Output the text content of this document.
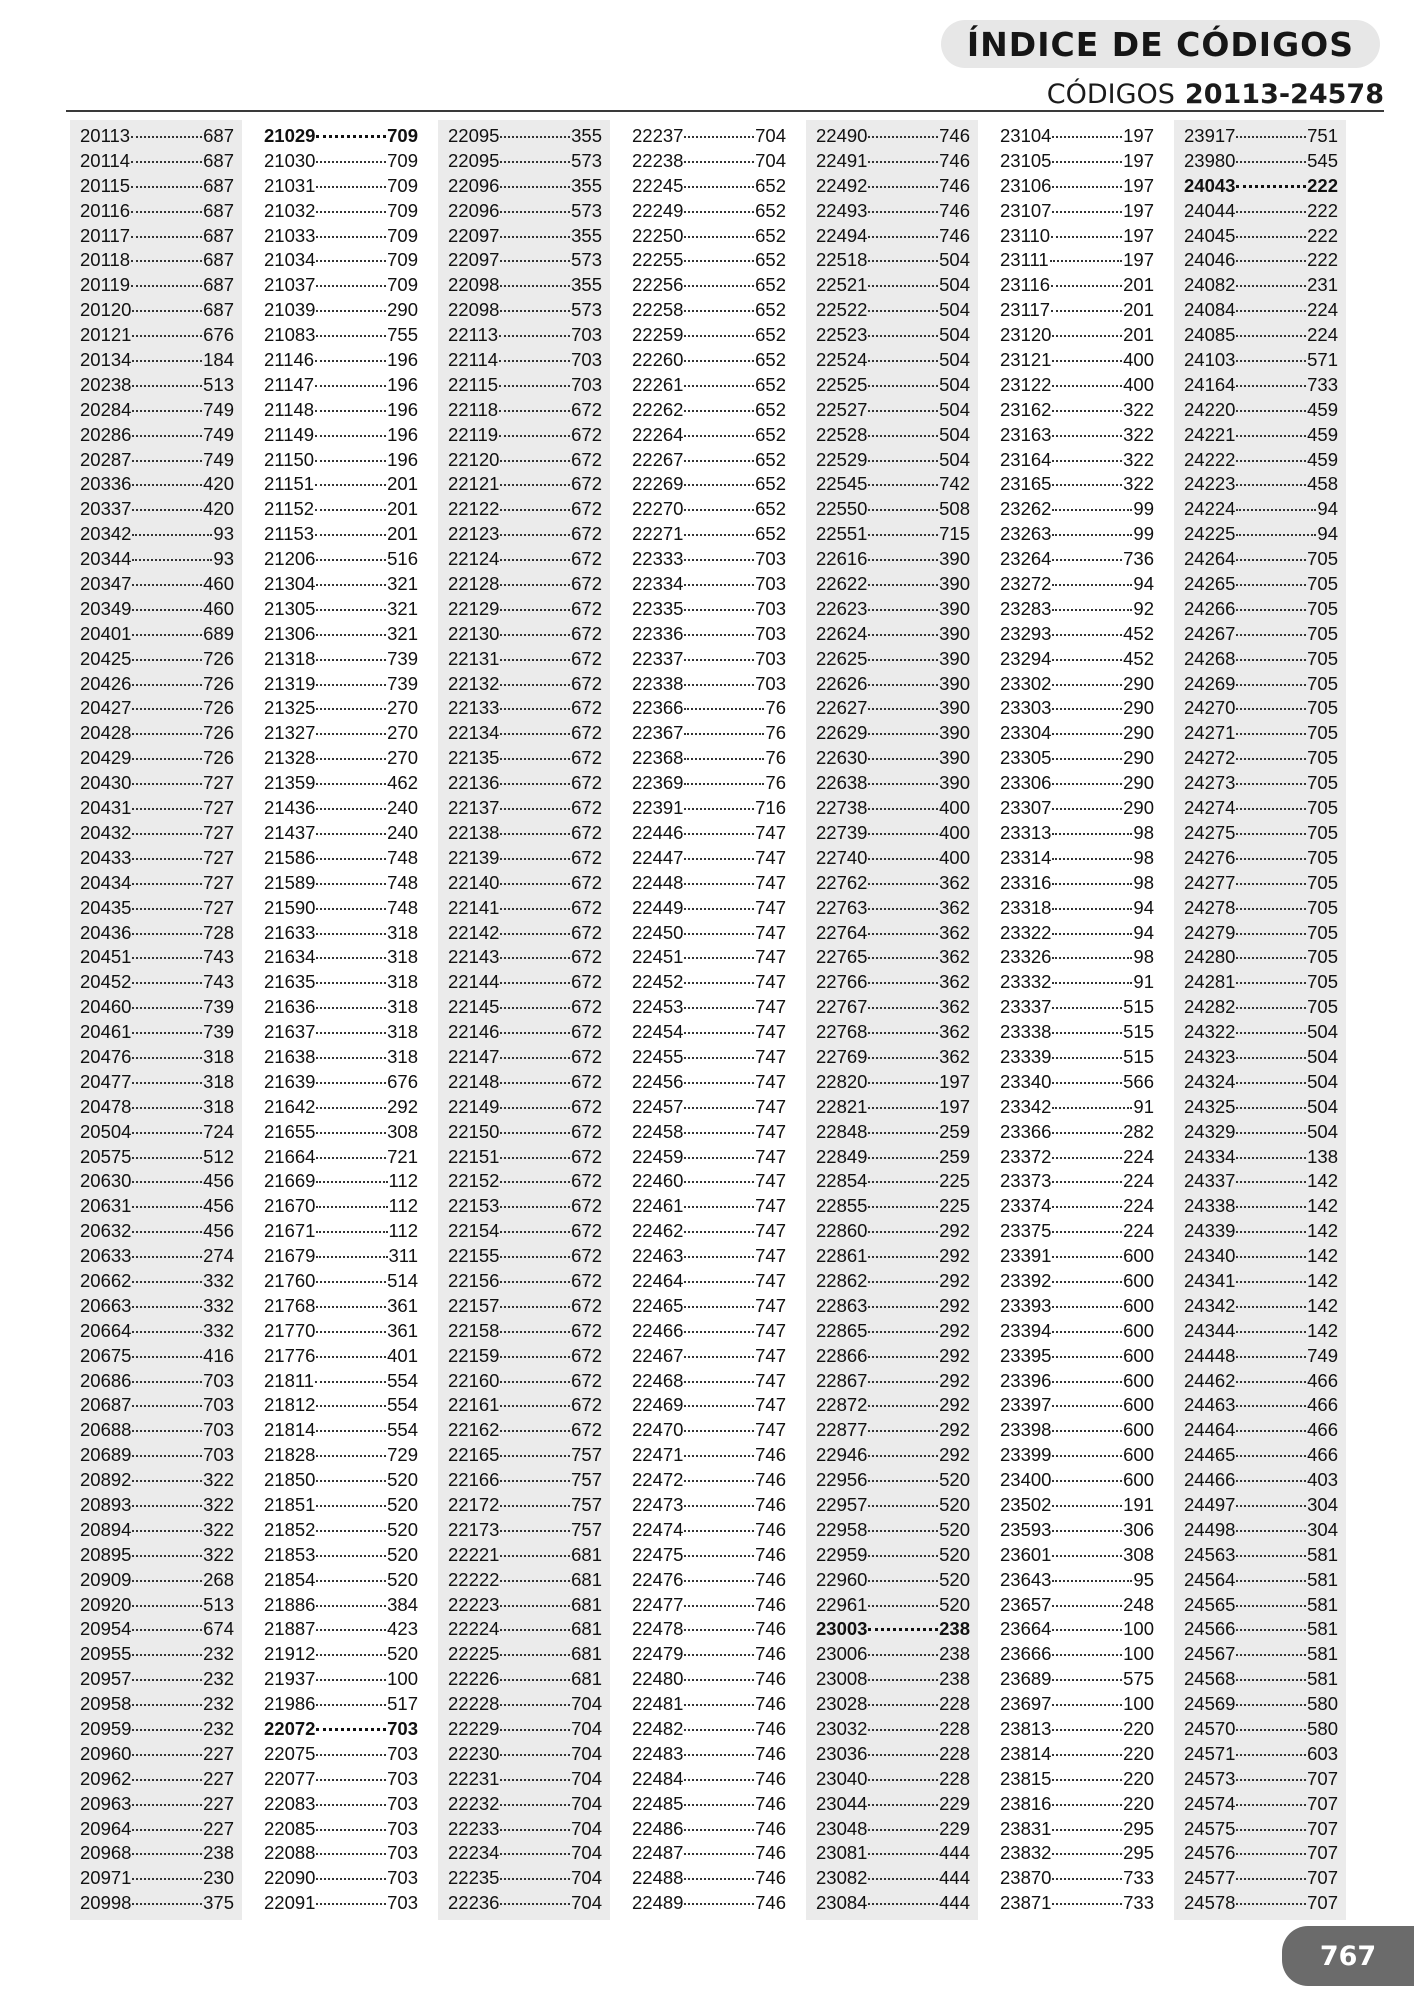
ÍNDICE DE CÓDIGOS
CÓDIGOS 20113-24578
20113	687
20114	687
20115	687
20116	687
20117	687
20118	687
20119	687
20120	687
20121	676
20134	184
20238	513
20284	749
20286	749
20287	749
20336	420
20337	420
20342	93
20344	93
20347	460
20349	460
20401	689
20425	726
20426	726
20427	726
20428	726
20429	726
20430	727
20431	727
20432	727
20433	727
20434	727
20435	727
20436	728
20451	743
20452	743
20460	739
20461	739
20476	318
20477	318
20478	318
20504	724
20575	512
20630	456
20631	456
20632	456
20633	274
20662	332
20663	332
20664	332
20675	416
20686	703
20687	703
20688	703
20689	703
20892	322
20893	322
20894	322
20895	322
20909	268
20920	513
20954	674
20955	232
20957	232
20958	232
20959	232
20960	227
20962	227
20963	227
20964	227
20968	238
20971	230
20998	375
21029	709
21030	709
21031	709
21032	709
21033	709
21034	709
21037	709
21039	290
21083	755
21146	196
21147	196
21148	196
21149	196
21150	196
21151	201
21152	201
21153	201
21206	516
21304	321
21305	321
21306	321
21318	739
21319	739
21325	270
21327	270
21328	270
21359	462
21436	240
21437	240
21586	748
21589	748
21590	748
21633	318
21634	318
21635	318
21636	318
21637	318
21638	318
21639	676
21642	292
21655	308
21664	721
21669	112
21670	112
21671	112
21679	311
21760	514
21768	361
21770	361
21776	401
21811	554
21812	554
21814	554
21828	729
21850	520
21851	520
21852	520
21853	520
21854	520
21886	384
21887	423
21912	520
21937	100
21986	517
22072	703
22075	703
22077	703
22083	703
22085	703
22088	703
22090	703
22091	703
22095	355
22095	573
22096	355
22096	573
22097	355
22097	573
22098	355
22098	573
22113	703
22114	703
22115	703
22118	672
22119	672
22120	672
22121	672
22122	672
22123	672
22124	672
22128	672
22129	672
22130	672
22131	672
22132	672
22133	672
22134	672
22135	672
22136	672
22137	672
22138	672
22139	672
22140	672
22141	672
22142	672
22143	672
22144	672
22145	672
22146	672
22147	672
22148	672
22149	672
22150	672
22151	672
22152	672
22153	672
22154	672
22155	672
22156	672
22157	672
22158	672
22159	672
22160	672
22161	672
22162	672
22165	757
22166	757
22172	757
22173	757
22221	681
22222	681
22223	681
22224	681
22225	681
22226	681
22228	704
22229	704
22230	704
22231	704
22232	704
22233	704
22234	704
22235	704
22236	704
22237	704
22238	704
22245	652
22249	652
22250	652
22255	652
22256	652
22258	652
22259	652
22260	652
22261	652
22262	652
22264	652
22267	652
22269	652
22270	652
22271	652
22333	703
22334	703
22335	703
22336	703
22337	703
22338	703
22366	76
22367	76
22368	76
22369	76
22391	716
22446	747
22447	747
22448	747
22449	747
22450	747
22451	747
22452	747
22453	747
22454	747
22455	747
22456	747
22457	747
22458	747
22459	747
22460	747
22461	747
22462	747
22463	747
22464	747
22465	747
22466	747
22467	747
22468	747
22469	747
22470	747
22471	746
22472	746
22473	746
22474	746
22475	746
22476	746
22477	746
22478	746
22479	746
22480	746
22481	746
22482	746
22483	746
22484	746
22485	746
22486	746
22487	746
22488	746
22489	746
22490	746
22491	746
22492	746
22493	746
22494	746
22518	504
22521	504
22522	504
22523	504
22524	504
22525	504
22527	504
22528	504
22529	504
22545	742
22550	508
22551	715
22616	390
22622	390
22623	390
22624	390
22625	390
22626	390
22627	390
22629	390
22630	390
22638	390
22738	400
22739	400
22740	400
22762	362
22763	362
22764	362
22765	362
22766	362
22767	362
22768	362
22769	362
22820	197
22821	197
22848	259
22849	259
22854	225
22855	225
22860	292
22861	292
22862	292
22863	292
22865	292
22866	292
22867	292
22872	292
22877	292
22946	292
22956	520
22957	520
22958	520
22959	520
22960	520
22961	520
23003	238
23006	238
23008	238
23028	228
23032	228
23036	228
23040	228
23044	229
23048	229
23081	444
23082	444
23084	444
23104	197
23105	197
23106	197
23107	197
23110	197
23111	197
23116	201
23117	201
23120	201
23121	400
23122	400
23162	322
23163	322
23164	322
23165	322
23262	99
23263	99
23264	736
23272	94
23283	92
23293	452
23294	452
23302	290
23303	290
23304	290
23305	290
23306	290
23307	290
23313	98
23314	98
23316	98
23318	94
23322	94
23326	98
23332	91
23337	515
23338	515
23339	515
23340	566
23342	91
23366	282
23372	224
23373	224
23374	224
23375	224
23391	600
23392	600
23393	600
23394	600
23395	600
23396	600
23397	600
23398	600
23399	600
23400	600
23502	191
23593	306
23601	308
23643	95
23657	248
23664	100
23666	100
23689	575
23697	100
23813	220
23814	220
23815	220
23816	220
23831	295
23832	295
23870	733
23871	733
23917	751
23980	545
24043	222
24044	222
24045	222
24046	222
24082	231
24084	224
24085	224
24103	571
24164	733
24220	459
24221	459
24222	459
24223	458
24224	94
24225	94
24264	705
24265	705
24266	705
24267	705
24268	705
24269	705
24270	705
24271	705
24272	705
24273	705
24274	705
24275	705
24276	705
24277	705
24278	705
24279	705
24280	705
24281	705
24282	705
24322	504
24323	504
24324	504
24325	504
24329	504
24334	138
24337	142
24338	142
24339	142
24340	142
24341	142
24342	142
24344	142
24448	749
24462	466
24463	466
24464	466
24465	466
24466	403
24497	304
24498	304
24563	581
24564	581
24565	581
24566	581
24567	581
24568	581
24569	580
24570	580
24571	603
24573	707
24574	707
24575	707
24576	707
24577	707
24578	707
767
